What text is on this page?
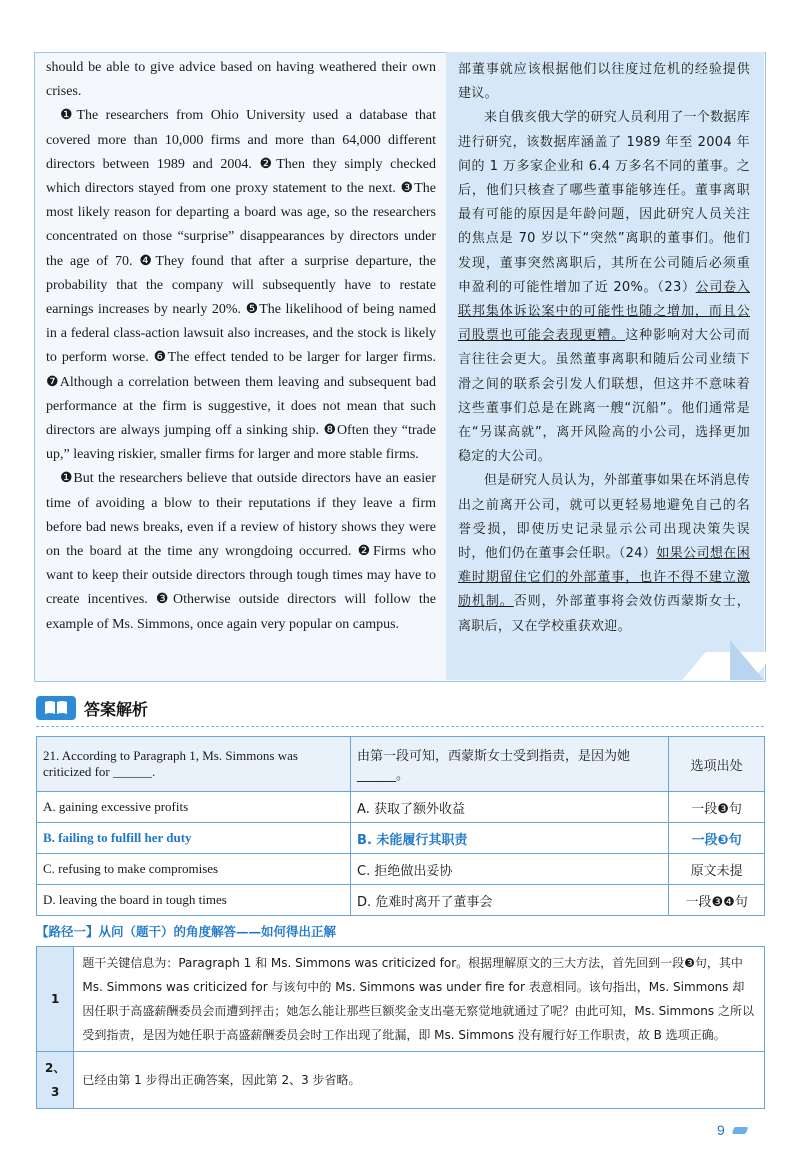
should be able to give advice based on having weathered their own crises.

❶The researchers from Ohio University used a database that covered more than 10,000 firms and more than 64,000 different directors between 1989 and 2004. ❷Then they simply checked which directors stayed from one proxy statement to the next. ❸The most likely reason for departing a board was age, so the researchers concentrated on those “surprise” disappearances by directors under the age of 70. ❹They found that after a surprise departure, the probability that the company will subsequently have to restate earnings increases by nearly 20%. ❺The likelihood of being named in a federal class-action lawsuit also increases, and the stock is likely to perform worse. ❻The effect tended to be larger for larger firms. ❼Although a correlation between them leaving and subsequent bad performance at the firm is suggestive, it does not mean that such directors are always jumping off a sinking ship. ❽Often they “trade up,” leaving riskier, smaller firms for larger and more stable firms.

❶But the researchers believe that outside directors have an easier time of avoiding a blow to their reputations if they leave a firm before bad news breaks, even if a review of history shows they were on the board at the time any wrongdoing occurred. ❷Firms who want to keep their outside directors through tough times may have to create incentives. ❸Otherwise outside directors will follow the example of Ms. Simmons, once again very popular on campus.

部董事就应该根据他们以往度过危机的经验提供建议。

来自俄亥俄大学的研究人员利用了一个数据库进行研究，该数据库涵盖了 1989 年至 2004 年间的 1 万多家企业和 6.4 万多名不同的董事。之后，他们只核查了哪些董事能够连任。董事离职最有可能的原因是年龄问题，因此研究人员关注的焦点是 70 岁以下“突然”离职的董事们。他们发现，董事突然离职后，其所在公司随后必须重申盈利的可能性增加了近 20%。（23）公司卷入联邦集体诉讼案中的可能性也随之增加，而且公司股票也可能会表现更糟。这种影响对大公司而言往往会更大。虽然董事离职和随后公司业绩下滑之间的联系会引发人们联想，但这并不意味着这些董事们总是在跳离一艘“沉船”。他们通常是在“另谋高就”，离开风险高的小公司，选择更加稳定的大公司。

但是研究人员认为，外部董事如果在坏消息传出之前离开公司，就可以更轻易地避免自己的名誉受损，即使历史记录显示公司出现决策失误时，他们仍在董事会任职。（24）如果公司想在困难时期留住它们的外部董事，也许不得不建立激励机制。否则，外部董事将会效仿西蒙斯女士，离职后，又在学校重获欢迎。

答案解析
21. According to Paragraph 1, Ms. Simmons was criticized for ______.	由第一段可知，西蒙斯女士受到指责，是因为她______。	选项出处
A. gaining excessive profits	A. 获取了额外收益	一段❸句
B. failing to fulfill her duty	B. 未能履行其职责	一段❸句
C. refusing to make compromises	C. 拒绝做出妥协	原文未提
D. leaving the board in tough times	D. 危难时离开了董事会	一段❸❹句
【路径一】从问（题干）的角度解答——如何得出正解
1	题干关键信息为：Paragraph 1 和 Ms. Simmons was criticized for。根据理解原文的三大方法，首先回到一段❸句，其中 Ms. Simmons was criticized for 与该句中的 Ms. Simmons was under fire for 表意相同。该句指出，Ms. Simmons 却因任职于高盛薪酬委员会而遭到抨击；她怎么能让那些巨额奖金支出毫无察觉地就通过了呢？由此可知，Ms. Simmons 之所以受到指责，是因为她任职于高盛薪酬委员会时工作出现了纰漏，即 Ms. Simmons 没有履行好工作职责，故 B 选项正确。
2、3	已经由第 1 步得出正确答案，因此第 2、3 步省略。
9
